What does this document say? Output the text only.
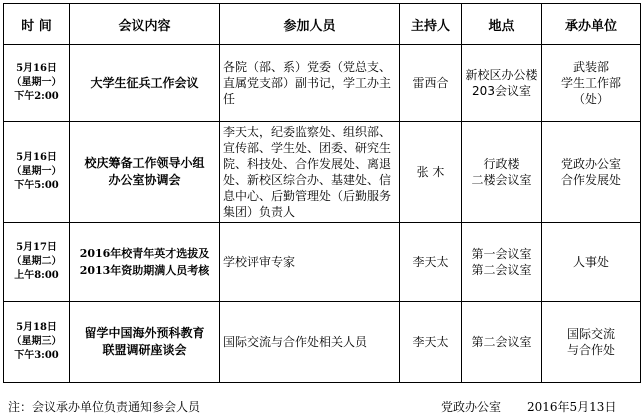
时 间	会议内容	参加人员	主持人	地点	承办单位

5月16日
（星期一）
下午2:00	大学生征兵工作会议	各院（部、系）党委（党总支、直属党支部）副书记，学工办主任	雷西合	新校区办公楼
203会议室	武装部
学生工作部
（处）

5月16日
（星期一）
下午5:00	校庆筹备工作领导小组
办公室协调会	李天太，纪委监察处、组织部、宣传部、学生处、团委、研究生院、科技处、合作发展处、离退处、新校区综合办、基建处、信息中心、后勤管理处（后勤服务集团）负责人	张 木	行政楼
二楼会议室	党政办公室
合作发展处

5月17日
（星期二）
上午8:00	2016年校青年英才选拔及
2013年资助期满人员考核	学校评审专家	李天太	第一会议室
第二会议室	人事处

5月18日
（星期三）
下午3:00	留学中国海外预科教育
联盟调研座谈会	国际交流与合作处相关人员	李天太	第二会议室	国际交流
与合作处
注：会议承办单位负责通知参会人员	党政办公室 2016年5月13日
